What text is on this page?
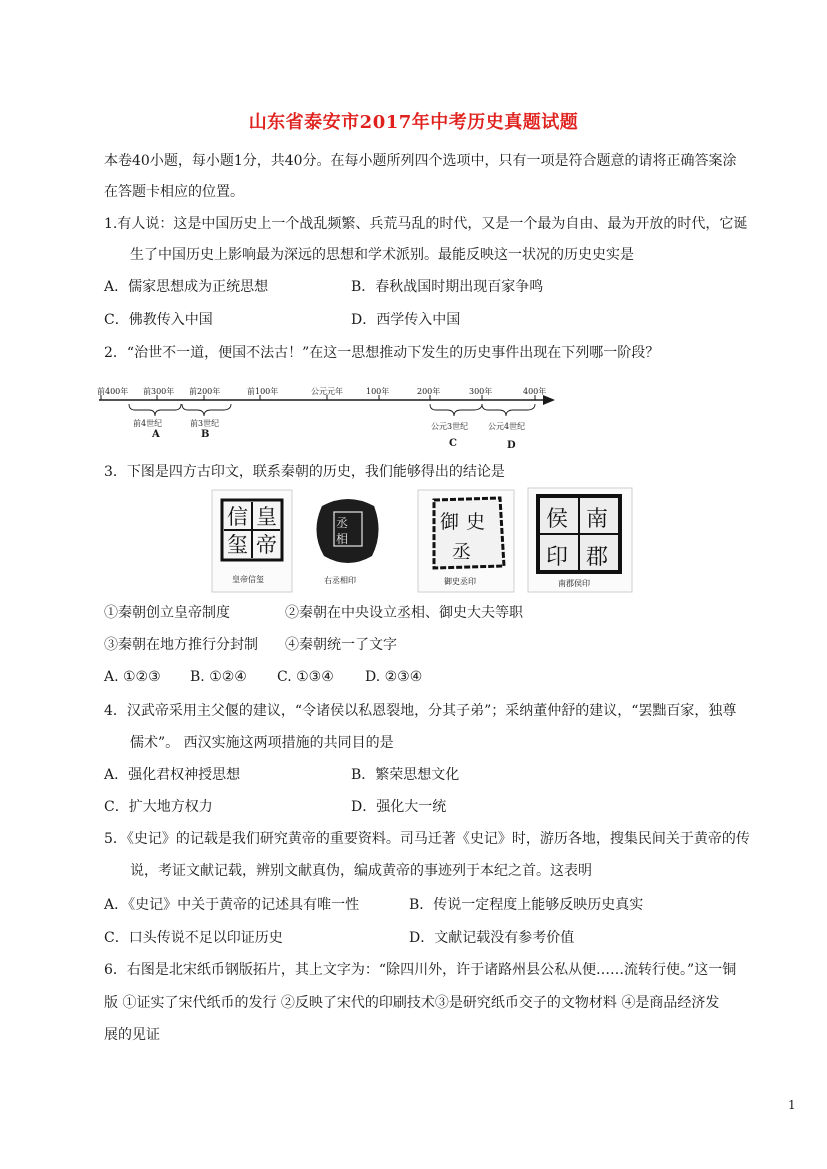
山东省泰安市2017年中考历史真题试题
本卷40小题，每小题1分，共40分。在每小题所列四个选项中，只有一项是符合题意的请将正确答案涂
在答题卡相应的位置。
1.有人说：这是中国历史上一个战乱频繁、兵荒马乱的时代，又是一个最为自由、最为开放的时代，它诞
生了中国历史上影响最为深远的思想和学术派别。最能反映这一状况的历史史实是
A．儒家思想成为正统思想	B．春秋战国时期出现百家争鸣
C．佛教传入中国	D．西学传入中国
2．“治世不一道，便国不法古！”在这一思想推动下发生的历史事件出现在下列哪一阶段？
前400年 前300年 前200年	前100年	公元元年	100年	200年	300年	400年
前4世纪	前3世纪	公元3世纪 公元4世纪
A	B
C	D
3．下图是四方古印文，联系秦朝的历史，我们能够得出的结论是
皇
帝
信
玺
皇帝信玺
丞
相
右丞相印
御 史
丞
御史丞印
南
郡
侯
印
南郡侯印
①秦朝创立皇帝制度	②秦朝在中央设立丞相、御史大夫等职
③秦朝在地方推行分封制 ④秦朝统一了文字
A. ①②③ B. ①②④ C. ①③④ D. ②③④
4．汉武帝采用主父偃的建议，“令诸侯以私恩裂地，分其子弟”；采纳董仲舒的建议，“罢黜百家，独尊
儒术”。 西汉实施这两项措施的共同目的是
A．强化君权神授思想	B．繁荣思想文化
C．扩大地方权力	D．强化大一统
5．《史记》的记载是我们研究黄帝的重要资料。司马迁著《史记》时，游历各地，搜集民间关于黄帝的传
说，考证文献记载，辨别文献真伪，编成黄帝的事迹列于本纪之首。这表明
A．《史记》中关于黄帝的记述具有唯一性	B．传说一定程度上能够反映历史真实
C．口头传说不足以印证历史	D．文献记载没有参考价值
6．右图是北宋纸币钢版拓片，其上文字为：“除四川外，许于诸路州县公私从便……流转行使。”这一铜
版 ①证实了宋代纸币的发行 ②反映了宋代的印刷技术③是研究纸币交子的文物材料 ④是商品经济发
展的见证
1
